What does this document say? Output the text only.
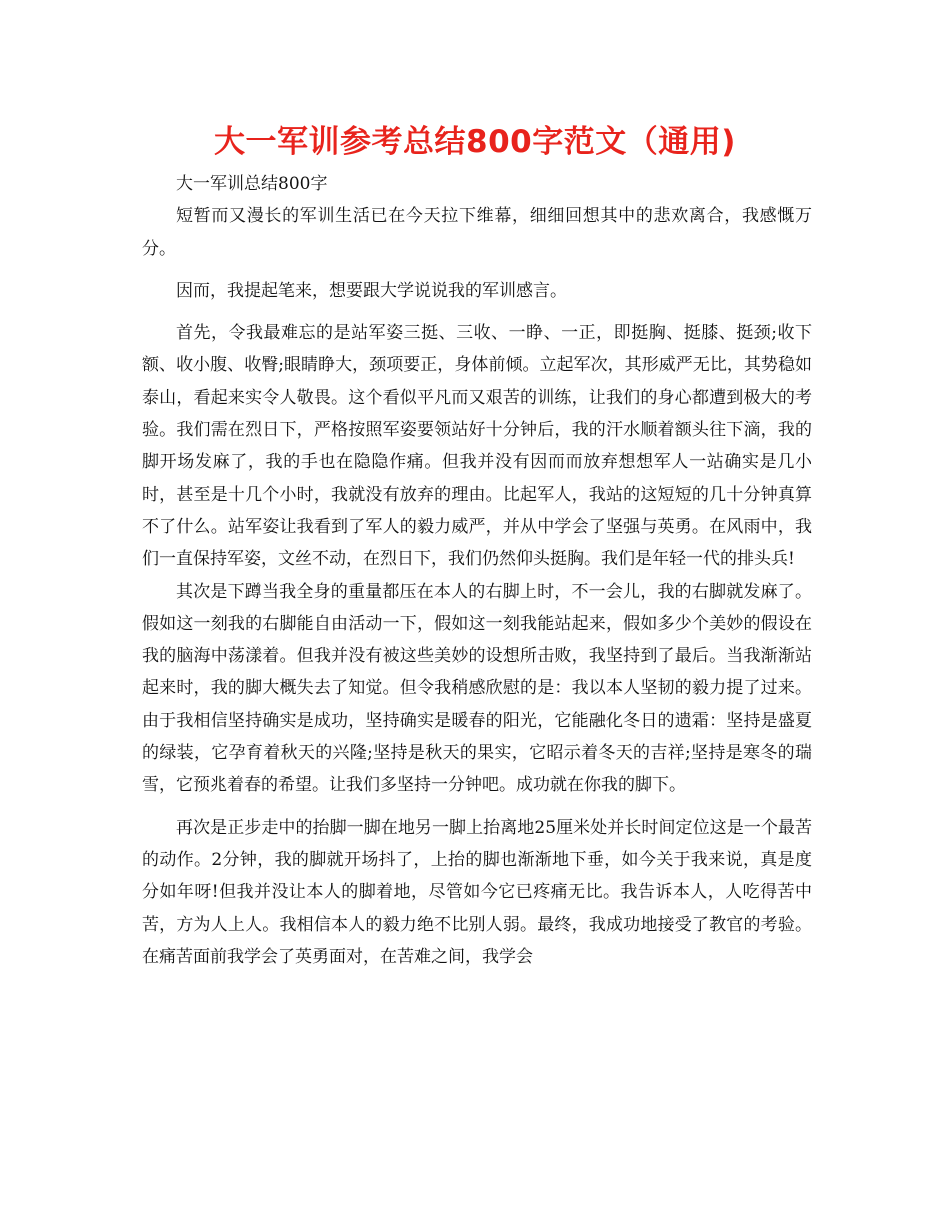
大一军训参考总结800字范文（通用)

大一军训总结800字

短暂而又漫长的军训生活已在今天拉下维幕，细细回想其中的悲欢离合，我感慨万分。

因而，我提起笔来，想要跟大学说说我的军训感言。

首先，令我最难忘的是站军姿三挺、三收、一睁、一正，即挺胸、挺膝、挺颈;收下额、收小腹、收臀;眼睛睁大，颈项要正，身体前倾。立起军次，其形威严无比，其势稳如泰山，看起来实令人敬畏。这个看似平凡而又艰苦的训练，让我们的身心都遭到极大的考验。我们需在烈日下，严格按照军姿要领站好十分钟后，我的汗水顺着额头往下滴，我的脚开场发麻了，我的手也在隐隐作痛。但我并没有因而而放弃想想军人一站确实是几小时，甚至是十几个小时，我就没有放弃的理由。比起军人，我站的这短短的几十分钟真算不了什么。站军姿让我看到了军人的毅力威严，并从中学会了坚强与英勇。在风雨中，我们一直保持军姿，文丝不动，在烈日下，我们仍然仰头挺胸。我们是年轻一代的排头兵!

其次是下蹲当我全身的重量都压在本人的右脚上时，不一会儿，我的右脚就发麻了。假如这一刻我的右脚能自由活动一下，假如这一刻我能站起来，假如多少个美妙的假设在我的脑海中荡漾着。但我并没有被这些美妙的设想所击败，我坚持到了最后。当我渐渐站起来时，我的脚大概失去了知觉。但令我稍感欣慰的是：我以本人坚韧的毅力提了过来。由于我相信坚持确实是成功，坚持确实是暖春的阳光，它能融化冬日的遗霜：坚持是盛夏的绿装，它孕育着秋天的兴隆;坚持是秋天的果实，它昭示着冬天的吉祥;坚持是寒冬的瑞雪，它预兆着春的希望。让我们多坚持一分钟吧。成功就在你我的脚下。

再次是正步走中的抬脚一脚在地另一脚上抬离地25厘米处并长时间定位这是一个最苦的动作。2分钟，我的脚就开场抖了，上抬的脚也渐渐地下垂，如今关于我来说，真是度分如年呀!但我并没让本人的脚着地，尽管如今它已疼痛无比。我告诉本人，人吃得苦中苦，方为人上人。我相信本人的毅力绝不比别人弱。最终，我成功地接受了教官的考验。在痛苦面前我学会了英勇面对，在苦难之间，我学会
